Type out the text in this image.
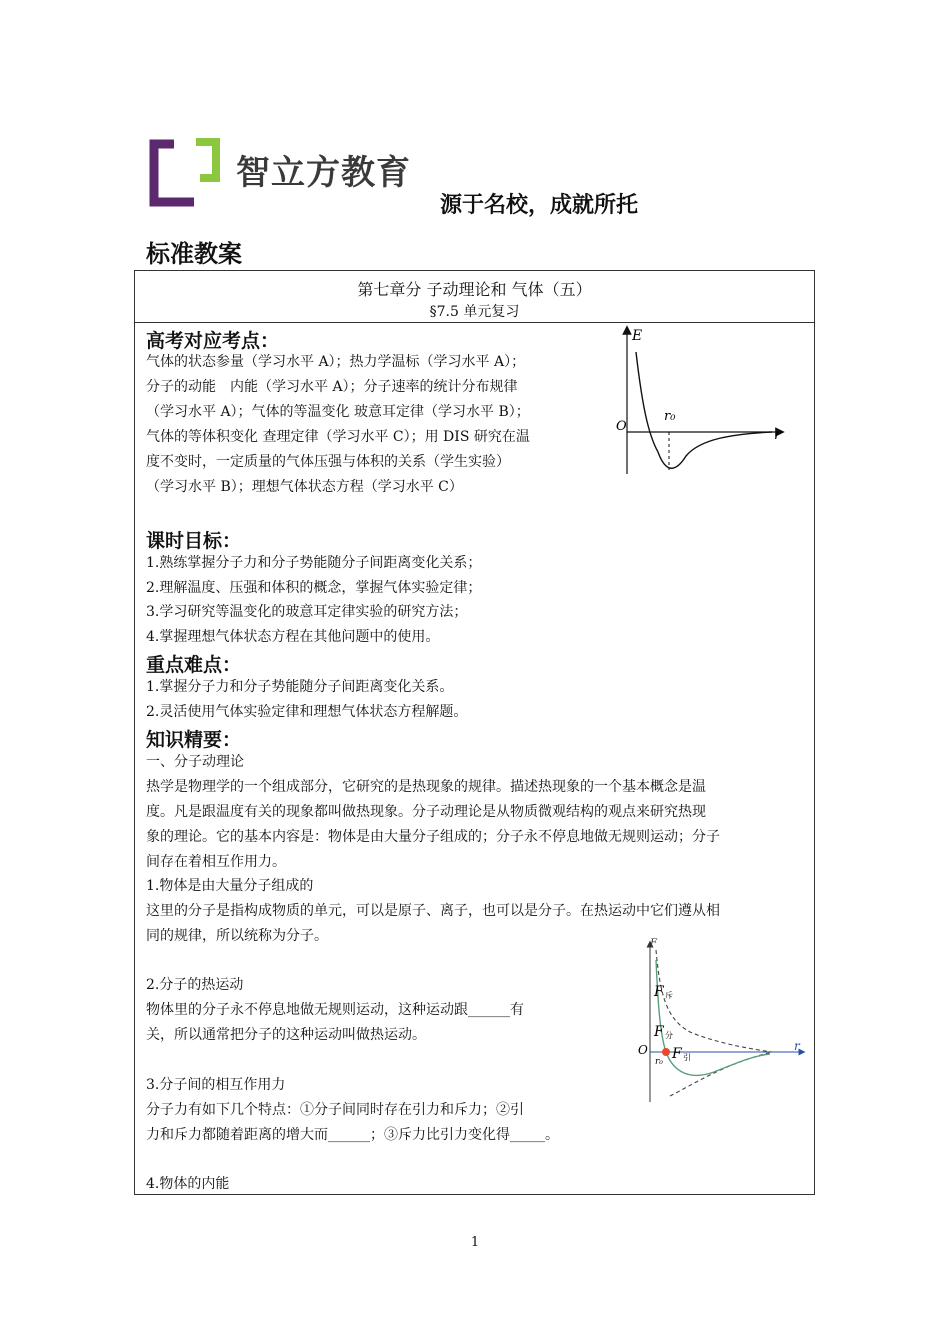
智立方教育
源于名校，成就所托
标准教案
第七章分 子动理论和 气体（五）
§7.5 单元复习
高考对应考点：
气体的状态参量（学习水平 A）；热力学温标（学习水平 A）；
分子的动能　内能（学习水平 A）；分子速率的统计分布规律
（学习水平 A）；气体的等温变化 玻意耳定律（学习水平 B）；
气体的等体积变化 查理定律（学习水平 C）；用 DIS 研究在温
度不变时，一定质量的气体压强与体积的关系（学生实验）
（学习水平 B）；理想气体状态方程（学习水平 C）
E
r
O
r₀
课时目标：
1.熟练掌握分子力和分子势能随分子间距离变化关系；
2.理解温度、压强和体积的概念，掌握气体实验定律；
3.学习研究等温变化的玻意耳定律实验的研究方法；
4.掌握理想气体状态方程在其他问题中的使用。
重点难点：
1.掌握分子力和分子势能随分子间距离变化关系。
2.灵活使用气体实验定律和理想气体状态方程解题。
知识精要：
一、分子动理论
热学是物理学的一个组成部分，它研究的是热现象的规律。描述热现象的一个基本概念是温
度。凡是跟温度有关的现象都叫做热现象。分子动理论是从物质微观结构的观点来研究热现
象的理论。它的基本内容是：物体是由大量分子组成的；分子永不停息地做无规则运动；分子
间存在着相互作用力。
1.物体是由大量分子组成的
这里的分子是指构成物质的单元，可以是原子、离子，也可以是分子。在热运动中它们遵从相
同的规律，所以统称为分子。
2.分子的热运动
物体里的分子永不停息地做无规则运动，这种运动跟______有
关，所以通常把分子的这种运动叫做热运动。
3.分子间的相互作用力
分子力有如下几个特点：①分子间同时存在引力和斥力；②引
力和斥力都随着距离的增大而______；③斥力比引力变化得_____。
4.物体的内能
F
r
O
r₀
F 斥
F 分
F 引
1
